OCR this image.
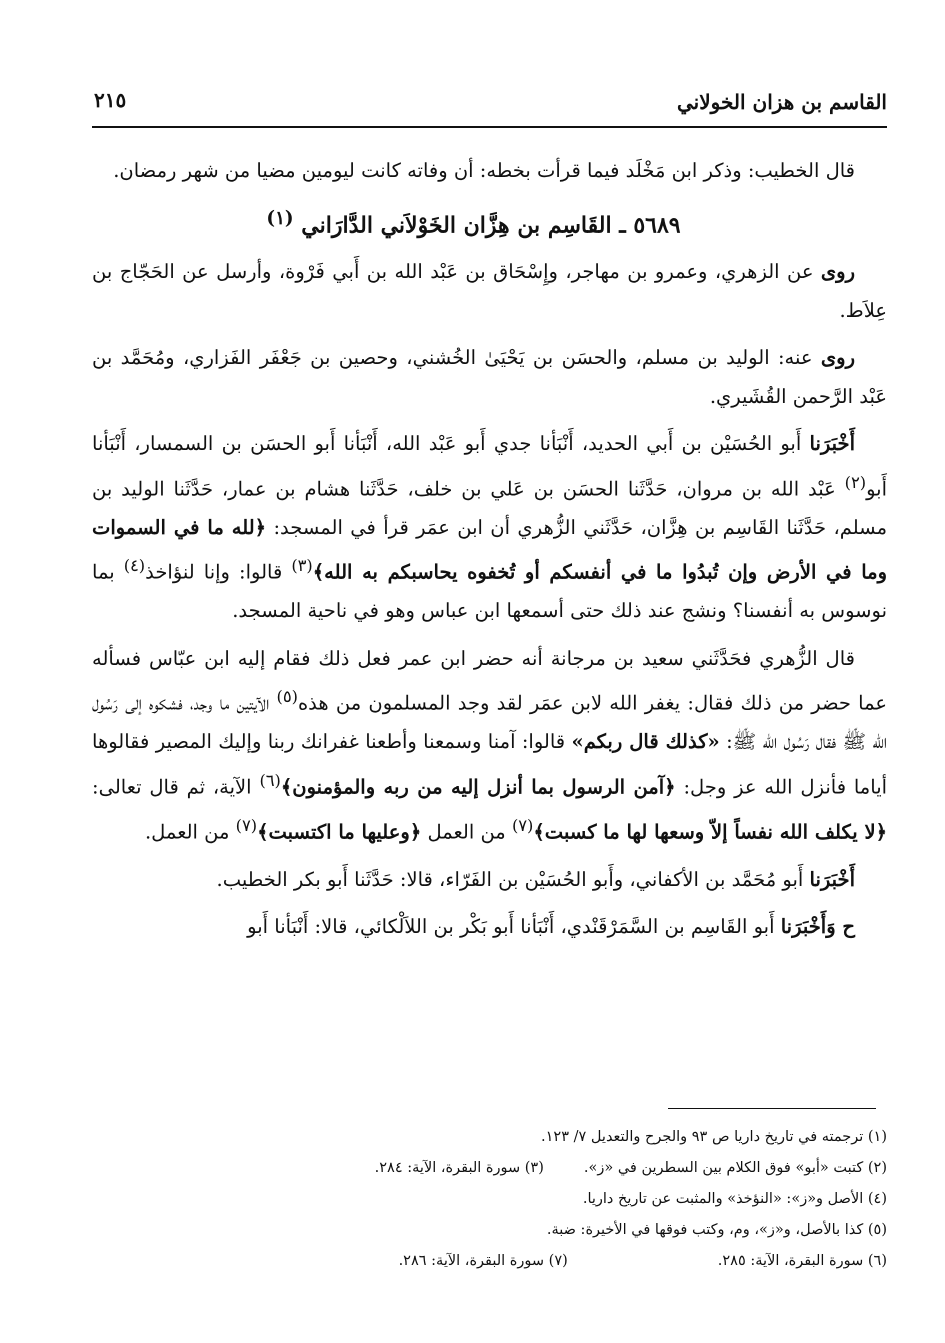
القاسم بن هزان الخولاني
٢١٥

قال الخطيب: وذكر ابن مَخْلَد فيما قرأت بخطه: أن وفاته كانت ليومين مضيا من شهر رمضان.

٥٦٨٩ ـ القَاسِم بن هِزَّان الخَوْلاَني الدَّارَاني $^{(١)}$

روى عن الزهري، وعمرو بن مهاجر، وإِسْحَاق بن عَبْد الله بن أَبي فَرْوة، وأرسل عن الحَجّاج بن عِلاَط.

روى عنه: الوليد بن مسلم، والحسَن بن يَحْيَىٰ الخُشني، وحصين بن جَعْفَر الفَزاري، ومُحَمَّد بن عَبْد الرَّحمن القُشَيري.

أَخْبَرَنا أَبو الحُسَيْن بن أَبي الحديد، أَنْبَأنا جدي أَبو عَبْد الله، أَنْبَأنا أَبو الحسَن بن السمسار، أَنْبَأنا أَبو$^{(٢)}$ عَبْد الله بن مروان، حَدَّثَنا الحسَن بن عَلي بن خلف، حَدَّثَنا هشام بن عمار، حَدَّثَنا الوليد بن مسلم، حَدَّثَنا القَاسِم بن هِزَّان، حَدَّثَني الزُّهري أن ابن عمَر قرأ في المسجد: ﴿لله ما في السموات وما في الأرض وإن تُبدُوا ما في أنفسكم أو تُخفوه يحاسبكم به الله﴾$^{(٣)}$ قالوا: وإنا لنؤاخذ$^{(٤)}$ بما نوسوس به أنفسنا؟ ونشج عند ذلك حتى أسمعها ابن عباس وهو في ناحية المسجد.

قال الزُّهري فحَدَّثَني سعيد بن مرجانة أنه حضر ابن عمر فعل ذلك فقام إليه ابن عبّاس فسأله عما حضر من ذلك فقال: يغفر الله لابن عمَر لقد وجد المسلمون من هذه$^{(٥)}$ الآيتين ما وجد، فشكوه إلى رَسُول الله ﷺ فقال رَسُول الله ﷺ: «كذلك قال ربكم» قالوا: آمنا وسمعنا وأطعنا غفرانك ربنا وإليك المصير فقالوها أياما فأنزل الله عز وجل: ﴿آمن الرسول بما أنزل إليه من ربه والمؤمنون﴾$^{(٦)}$ الآية، ثم قال تعالى: ﴿لا يكلف الله نفساً إلاّ وسعها لها ما كسبت﴾$^{(٧)}$ من العمل ﴿وعليها ما اكتسبت﴾$^{(٧)}$ من العمل.

أَخْبَرَنا أَبو مُحَمَّد بن الأكفاني، وأَبو الحُسَيْن بن الفَرّاء، قالا: حَدَّثَنا أَبو بكر الخطيب.

ح وَأَخْبَرَنا أَبو القَاسِم بن السَّمَرْقَنْدي، أَنْبَأنا أَبو بَكْر بن اللاَلْكائي، قالا: أَنْبَأنا أَبو

(١) ترجمته في تاريخ داريا ص ٩٣ والجرح والتعديل ٧/ ١٢٣.
(٢) كتبت «أبو» فوق الكلام بين السطرين في «ز».(٣) سورة البقرة، الآية: ٢٨٤.
(٤) الأصل و«ز»: «النؤخذ» والمثبت عن تاريخ داريا.
(٥) كذا بالأصل، و«ز»، وم، وكتب فوقها في الأخيرة: ضبة.
(٦) سورة البقرة، الآية: ٢٨٥.(٧) سورة البقرة، الآية: ٢٨٦.
